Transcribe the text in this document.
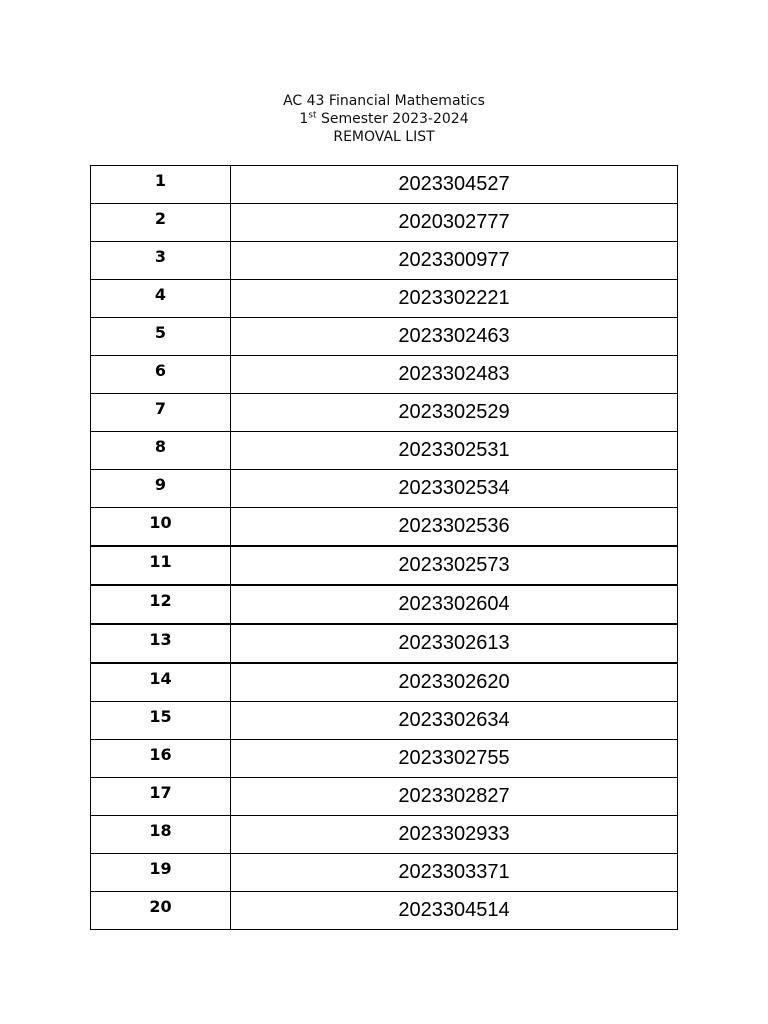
AC 43 Financial Mathematics
1st Semester 2023-2024
REMOVAL LIST
1	2023304527
2	2020302777
3	2023300977
4	2023302221
5	2023302463
6	2023302483
7	2023302529
8	2023302531
9	2023302534
10	2023302536
11	2023302573
12	2023302604
13	2023302613
14	2023302620
15	2023302634
16	2023302755
17	2023302827
18	2023302933
19	2023303371
20	2023304514
